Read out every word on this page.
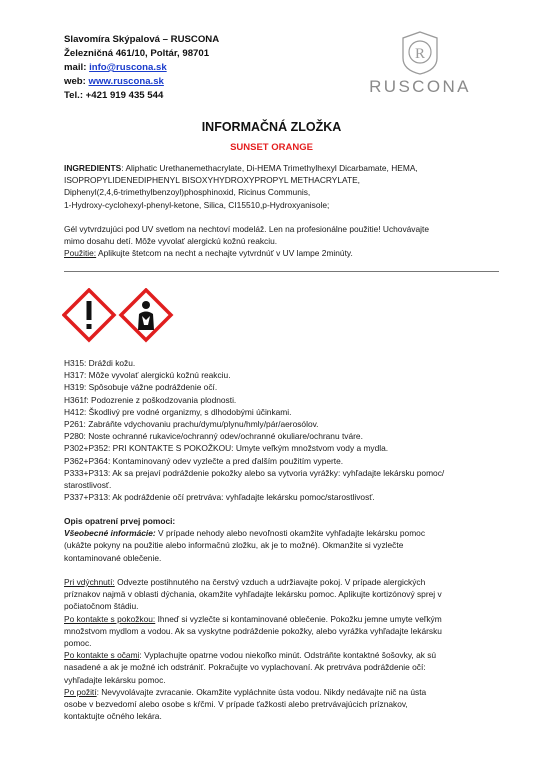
Slavomíra Skýpalová – RUSCONA
Železničná 461/10, Poltár, 98701
mail: info@ruscona.sk
web: www.ruscona.sk
Tel.: +421 919 435 544
R
RUSCONA
INFORMAČNÁ ZLOŽKA
SUNSET ORANGE
INGREDIENTS: Aliphatic Urethanemethacrylate, Di-HEMA Trimethylhexyl Dicarbamate, HEMA,
ISOPROPYLIDENEDIPHENYL BISOXYHYDROXYPROPYL METHACRYLATE,
Diphenyl(2,4,6-trimethylbenzoyl)phosphinoxid, Ricinus Communis,
1-Hydroxy-cyclohexyl-phenyl-ketone, Silica, CI15510,p-Hydroxyanisole;
Gél vytvrdzujúci pod UV svetlom na nechtoví modeláž. Len na profesionálne použitie! Uchovávajte
mimo dosahu detí. Môže vyvolať alergickú kožnú reakciu.
Použitie: Aplikujte štetcom na necht a nechajte vytvrdnúť v UV lampe 2minúty.
H315: Dráždi kožu.
H317: Môže vyvolať alergickú kožnú reakciu.
H319: Spôsobuje vážne podráždenie očí.
H361f: Podozrenie z poškodzovania plodnosti.
H412: Škodlivý pre vodné organizmy, s dlhodobými účinkami.
P261: Zabráňte vdychovaniu prachu/dymu/plynu/hmly/pár/aerosólov.
P280: Noste ochranné rukavice/ochranný odev/ochranné okuliare/ochranu tváre.
P302+P352: PRI KONTAKTE S POKOŽKOU: Umyte veľkým množstvom vody a mydla.
P362+P364: Kontaminovaný odev vyzlečte a pred ďalším použitím vyperte.
P333+P313: Ak sa prejaví podráždenie pokožky alebo sa vytvoria vyrážky: vyhľadajte lekársku pomoc/
starostlivosť.
P337+P313: Ak podráždenie očí pretrváva: vyhľadajte lekársku pomoc/starostlivosť.
Opis opatrení prvej pomoci:
Všeobecné informácie: V prípade nehody alebo nevoľnosti okamžite vyhľadajte lekársku pomoc
(ukážte pokyny na použitie alebo informačnú zložku, ak je to možné). Okmanžite si vyzlečte
kontaminované oblečenie.
Pri vdýchnutí: Odvezte postihnutého na čerstvý vzduch a udržiavajte pokoj. V prípade alergických
príznakov najmä v oblasti dýchania, okamžite vyhľadajte lekársku pomoc. Aplikujte kortizónový sprej v
počiatočnom štádiu.
Po kontakte s pokožkou: Ihneď si vyzlečte si kontaminované oblečenie. Pokožku jemne umyte veľkým
množstvom mydlom a vodou. Ak sa vyskytne podráždenie pokožky, alebo vyrážka vyhľadajte lekársku
pomoc.
Po kontakte s očami: Vyplachujte opatrne vodou niekoľko minút. Odstráňte kontaktné šošovky, ak sú
nasadené a ak je možné ich odstrániť. Pokračujte vo vyplachovaní. Ak pretrváva podráždenie očí:
vyhľadajte lekársku pomoc.
Po požití: Nevyvolávajte zvracanie. Okamžite vypláchnite ústa vodou. Nikdy nedávajte nič na ústa
osobe v bezvedomí alebo osobe s kŕčmi. V prípade ťažkosti alebo pretrvávajúcich príznakov,
kontaktujte očného lekára.
